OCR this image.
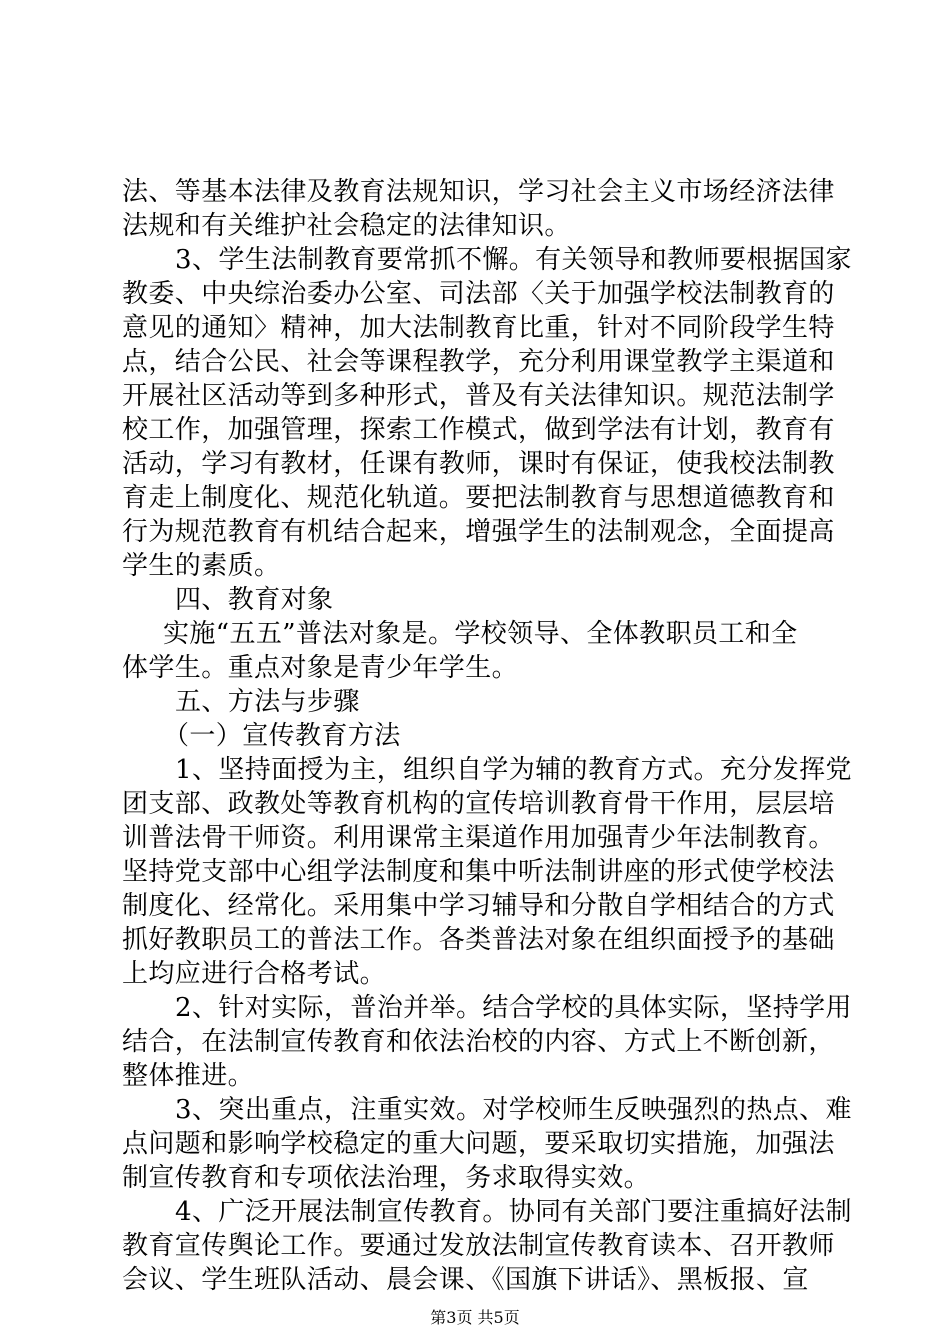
法、等基本法律及教育法规知识，学习社会主义市场经济法律
法规和有关维护社会稳定的法律知识。
3、学生法制教育要常抓不懈。有关领导和教师要根据国家
教委、中央综治委办公室、司法部〈关于加强学校法制教育的
意见的通知〉精神，加大法制教育比重，针对不同阶段学生特
点，结合公民、社会等课程教学，充分利用课堂教学主渠道和
开展社区活动等到多种形式，普及有关法律知识。规范法制学
校工作，加强管理，探索工作模式，做到学法有计划，教育有
活动，学习有教材，任课有教师，课时有保证，使我校法制教
育走上制度化、规范化轨道。要把法制教育与思想道德教育和
行为规范教育有机结合起来，增强学生的法制观念，全面提高
学生的素质。
四、教育对象
实施“五五”普法对象是。学校领导、全体教职员工和全
体学生。重点对象是青少年学生。
五、方法与步骤
（一）宣传教育方法
1、坚持面授为主，组织自学为辅的教育方式。充分发挥党
团支部、政教处等教育机构的宣传培训教育骨干作用，层层培
训普法骨干师资。利用课常主渠道作用加强青少年法制教育。
坚持党支部中心组学法制度和集中听法制讲座的形式使学校法
制度化、经常化。采用集中学习辅导和分散自学相结合的方式
抓好教职员工的普法工作。各类普法对象在组织面授予的基础
上均应进行合格考试。
2、针对实际，普治并举。结合学校的具体实际，坚持学用
结合，在法制宣传教育和依法治校的内容、方式上不断创新，
整体推进。
3、突出重点，注重实效。对学校师生反映强烈的热点、难
点问题和影响学校稳定的重大问题，要采取切实措施，加强法
制宣传教育和专项依法治理，务求取得实效。
4、广泛开展法制宣传教育。协同有关部门要注重搞好法制
教育宣传舆论工作。要通过发放法制宣传教育读本、召开教师
会议、学生班队活动、晨会课、《国旗下讲话》、黑板报、宣
第3页 共5页
